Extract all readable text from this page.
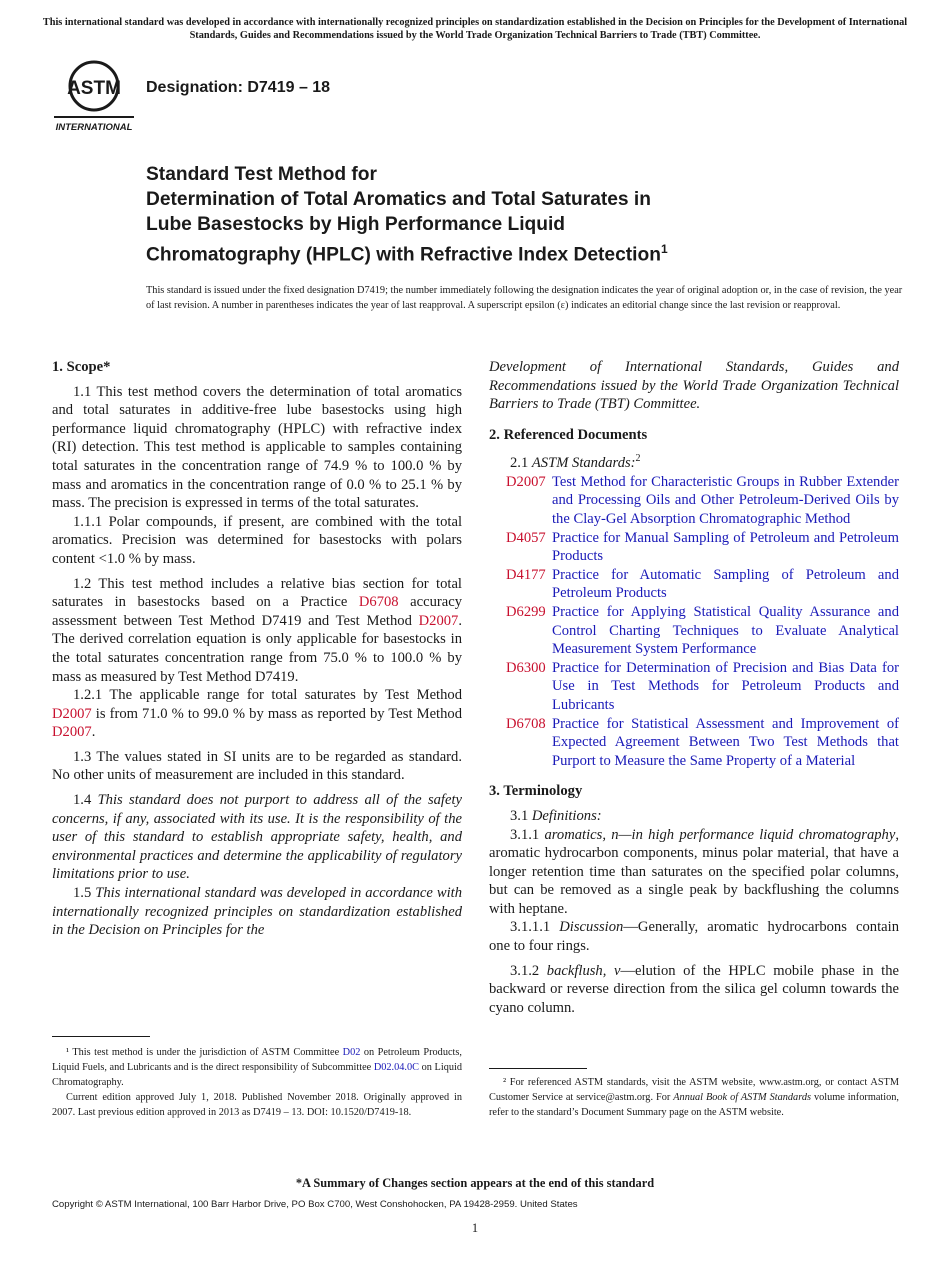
This international standard was developed in accordance with internationally recognized principles on standardization established in the Decision on Principles for the Development of International Standards, Guides and Recommendations issued by the World Trade Organization Technical Barriers to Trade (TBT) Committee.
ASTM
INTERNATIONAL
Designation: D7419 – 18
Standard Test Method for
Determination of Total Aromatics and Total Saturates in
Lube Basestocks by High Performance Liquid
Chromatography (HPLC) with Refractive Index Detection$^1$
This standard is issued under the fixed designation D7419; the number immediately following the designation indicates the year of original adoption or, in the case of revision, the year of last revision. A number in parentheses indicates the year of last reapproval. A superscript epsilon (ε) indicates an editorial change since the last revision or reapproval.

1. Scope*

1.1 This test method covers the determination of total aromatics and total saturates in additive-free lube basestocks using high performance liquid chromatography (HPLC) with refractive index (RI) detection. This test method is applicable to samples containing total saturates in the concentration range of 74.9 % to 100.0 % by mass and aromatics in the concentration range of 0.0 % to 25.1 % by mass. The precision is expressed in terms of the total saturates.

1.1.1 Polar compounds, if present, are combined with the total aromatics. Precision was determined for basestocks with polars content <1.0 % by mass.

1.2 This test method includes a relative bias section for total saturates in basestocks based on a Practice D6708 accuracy assessment between Test Method D7419 and Test Method D2007. The derived correlation equation is only applicable for basestocks in the total saturates concentration range from 75.0 % to 100.0 % by mass as measured by Test Method D7419.

1.2.1 The applicable range for total saturates by Test Method D2007 is from 71.0 % to 99.0 % by mass as reported by Test Method D2007.

1.3 The values stated in SI units are to be regarded as standard. No other units of measurement are included in this standard.

1.4 This standard does not purport to address all of the safety concerns, if any, associated with its use. It is the responsibility of the user of this standard to establish appropriate safety, health, and environmental practices and determine the applicability of regulatory limitations prior to use.

1.5 This international standard was developed in accordance with internationally recognized principles on standardization established in the Decision on Principles for the

¹ This test method is under the jurisdiction of ASTM Committee D02 on Petroleum Products, Liquid Fuels, and Lubricants and is the direct responsibility of Subcommittee D02.04.0C on Liquid Chromatography.

Current edition approved July 1, 2018. Published November 2018. Originally approved in 2007. Last previous edition approved in 2013 as D7419 – 13. DOI: 10.1520/D7419-18.

Development of International Standards, Guides and Recommendations issued by the World Trade Organization Technical Barriers to Trade (TBT) Committee.

2. Referenced Documents

2.1 ASTM Standards:$^2$

D2007 Test Method for Characteristic Groups in Rubber Extender and Processing Oils and Other Petroleum-Derived Oils by the Clay-Gel Absorption Chromatographic Method
D4057 Practice for Manual Sampling of Petroleum and Petroleum Products
D4177 Practice for Automatic Sampling of Petroleum and Petroleum Products
D6299 Practice for Applying Statistical Quality Assurance and Control Charting Techniques to Evaluate Analytical Measurement System Performance
D6300 Practice for Determination of Precision and Bias Data for Use in Test Methods for Petroleum Products and Lubricants
D6708 Practice for Statistical Assessment and Improvement of Expected Agreement Between Two Test Methods that Purport to Measure the Same Property of a Material

3. Terminology

3.1 Definitions:

3.1.1 aromatics, n—in high performance liquid chromatography, aromatic hydrocarbon components, minus polar material, that have a longer retention time than saturates on the specified polar columns, but can be removed as a single peak by backflushing the columns with heptane.

3.1.1.1 Discussion—Generally, aromatic hydrocarbons contain one to four rings.

3.1.2 backflush, v—elution of the HPLC mobile phase in the backward or reverse direction from the silica gel column towards the cyano column.

² For referenced ASTM standards, visit the ASTM website, www.astm.org, or contact ASTM Customer Service at service@astm.org. For Annual Book of ASTM Standards volume information, refer to the standard’s Document Summary page on the ASTM website.

*A Summary of Changes section appears at the end of this standard
Copyright © ASTM International, 100 Barr Harbor Drive, PO Box C700, West Conshohocken, PA 19428-2959. United States
1
